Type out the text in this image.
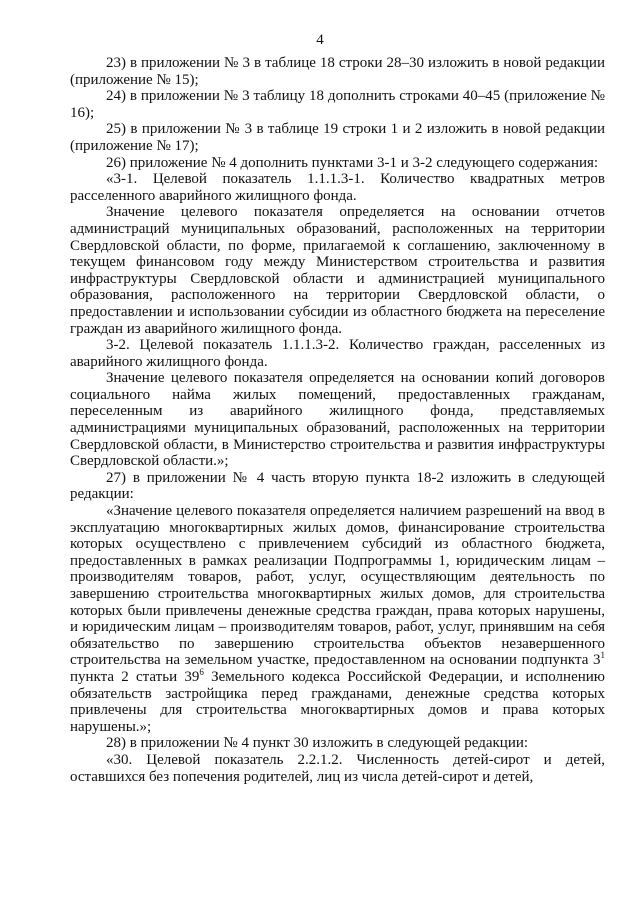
4

23) в приложении № 3 в таблице 18 строки 28–30 изложить в новой редакции (приложение № 15);

24) в приложении № 3 таблицу 18 дополнить строками 40–45 (приложение № 16);

25) в приложении № 3 в таблице 19 строки 1 и 2 изложить в новой редакции (приложение № 17);

26) приложение № 4 дополнить пунктами 3-1 и 3-2 следующего содержания:

«3-1. Целевой показатель 1.1.1.3-1. Количество квадратных метров расселенного аварийного жилищного фонда.

Значение целевого показателя определяется на основании отчетов администраций муниципальных образований, расположенных на территории Свердловской области, по форме, прилагаемой к соглашению, заключенному в текущем финансовом году между Министерством строительства и развития инфраструктуры Свердловской области и администрацией муниципального образования, расположенного на территории Свердловской области, о предоставлении и использовании субсидии из областного бюджета на переселение граждан из аварийного жилищного фонда.

3-2. Целевой показатель 1.1.1.3-2. Количество граждан, расселенных из аварийного жилищного фонда.

Значение целевого показателя определяется на основании копий договоров социального найма жилых помещений, предоставленных гражданам, переселенным из аварийного жилищного фонда, представляемых администрациями муниципальных образований, расположенных на территории Свердловской области, в Министерство строительства и развития инфраструктуры Свердловской области.»;

27) в приложении № 4 часть вторую пункта 18-2 изложить в следующей редакции:

«Значение целевого показателя определяется наличием разрешений на ввод в эксплуатацию многоквартирных жилых домов, финансирование строительства которых осуществлено с привлечением субсидий из областного бюджета, предоставленных в рамках реализации Подпрограммы 1, юридическим лицам – производителям товаров, работ, услуг, осуществляющим деятельность по завершению строительства многоквартирных жилых домов, для строительства которых были привлечены денежные средства граждан, права которых нарушены, и юридическим лицам – производителям товаров, работ, услуг, принявшим на себя обязательство по завершению строительства объектов незавершенного строительства на земельном участке, предоставленном на основании подпункта $3^1$ пункта 2 статьи $39^6$ Земельного кодекса Российской Федерации, и исполнению обязательств застройщика перед гражданами, денежные средства которых привлечены для строительства многоквартирных домов и права которых нарушены.»;

28) в приложении № 4 пункт 30 изложить в следующей редакции:

«30. Целевой показатель 2.2.1.2. Численность детей-сирот и детей, оставшихся без попечения родителей, лиц из числа детей-сирот и детей,
